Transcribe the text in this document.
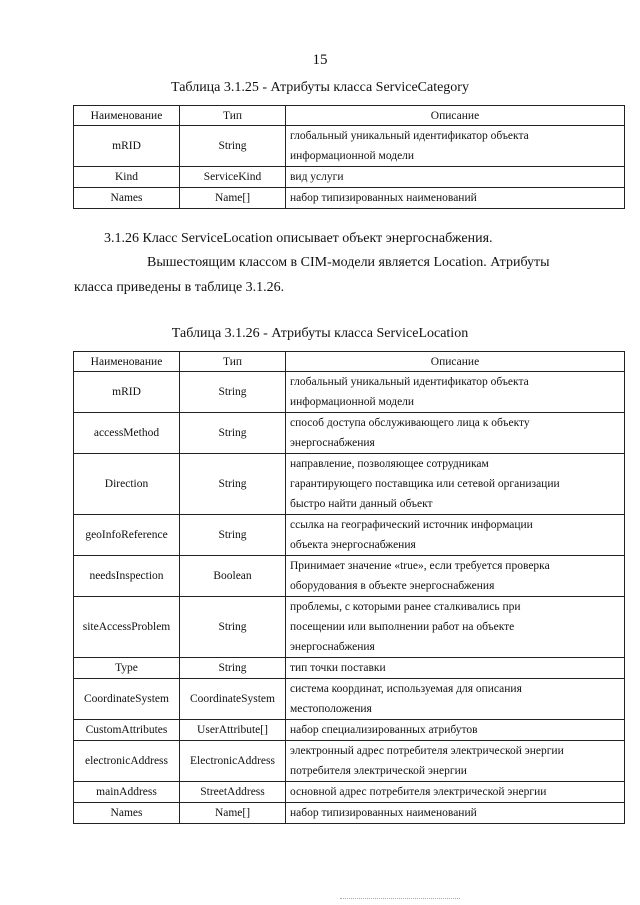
15
Таблица 3.1.25 - Атрибуты класса ServiceCategory
Наименование	Тип	Описание
mRID	String	глобальный уникальный идентификатор объекта
информационной модели

Kind	ServiceKind	вид услуги

Names	Name[]	набор типизированных наименований
3.1.26 Класс ServiceLocation описывает объект энергоснабжения.
Вышестоящим классом в CIM-модели является Location. Атрибуты
класса приведены в таблице 3.1.26.
Таблица 3.1.26 - Атрибуты класса ServiceLocation
Наименование	Тип	Описание
mRID	String	глобальный уникальный идентификатор объекта
информационной модели

accessMethod	String	способ доступа обслуживающего лица к объекту
энергоснабжения

Direction	String	направление, позволяющее сотрудникам
гарантирующего поставщика или сетевой организации
быстро найти данный объект

geoInfoReference	String	ссылка на географический источник информации
объекта энергоснабжения

needsInspection	Boolean	Принимает значение «true», если требуется проверка
оборудования в объекте энергоснабжения

siteAccessProblem	String	проблемы, с которыми ранее сталкивались при
посещении или выполнении работ на объекте
энергоснабжения

Type	String	тип точки поставки

CoordinateSystem	CoordinateSystem	система координат, используемая для описания
местоположения

CustomAttributes	UserAttribute[]	набор специализированных атрибутов

electronicAddress	ElectronicAddress	электронный адрес потребителя электрической энергии
потребителя электрической энергии

mainAddress	StreetAddress	основной адрес потребителя электрической энергии

Names	Name[]	набор типизированных наименований
